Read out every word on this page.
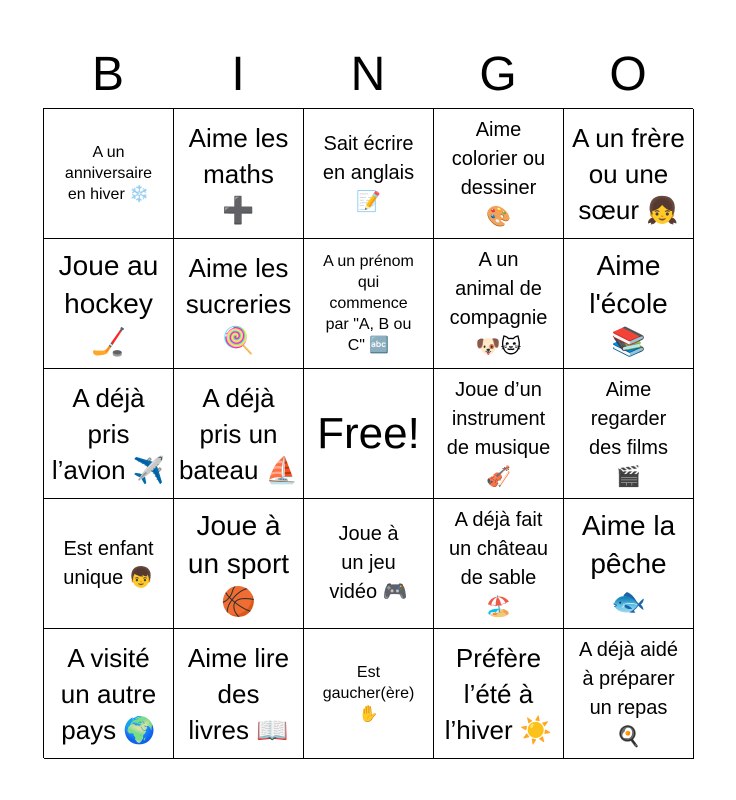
B	I	N	G	O
A un
anniversaire
en hiver ❄️
Aime les
maths
➕
Sait écrire
en anglais
📝
Aime
colorier ou
dessiner
🎨
A un frère
ou une
sœur 👧
Joue au
hockey
🏒
Aime les
sucreries
🍭
A un prénom
qui
commence
par "A, B ou
C" 🔤
A un
animal de
compagnie
🐶🐱
Aime
l'école
📚
A déjà
pris
l’avion ✈️
A déjà
pris un
bateau ⛵
Free!
Joue d’un
instrument
de musique
🎻
Aime
regarder
des films
🎬
Est enfant
unique 👦
Joue à
un sport
🏀
Joue à
un jeu
vidéo 🎮
A déjà fait
un château
de sable
🏖️
Aime la
pêche
🐟
A visité
un autre
pays 🌍
Aime lire
des
livres 📖
Est
gaucher(ère)
✋
Préfère
l’été à
l’hiver ☀️
A déjà aidé
à préparer
un repas
🍳
